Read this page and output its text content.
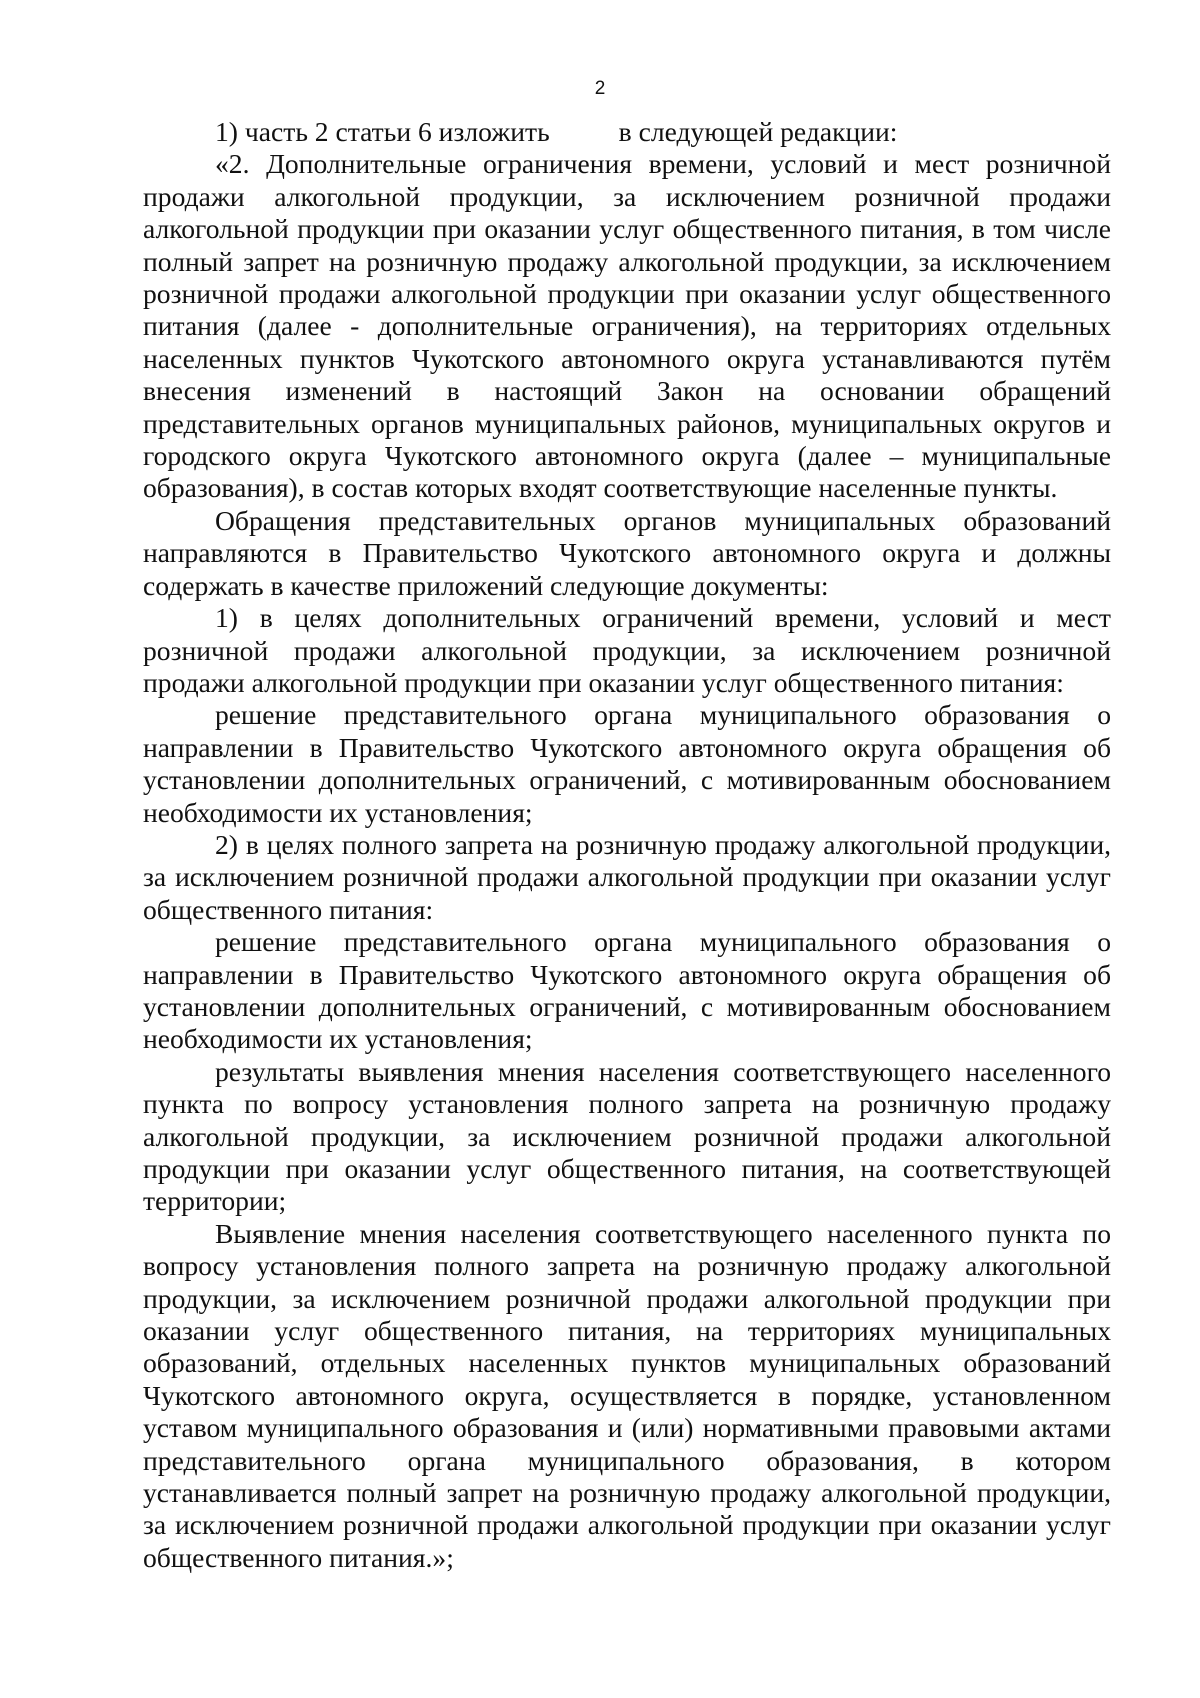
2
1) часть 2 статьи 6 изложить          в следующей редакции:
«2. Дополнительные ограничения времени, условий и мест розничной
продажи алкогольной продукции, за исключением розничной продажи
алкогольной продукции при оказании услуг общественного питания, в том числе
полный запрет на розничную продажу алкогольной продукции, за исключением
розничной продажи алкогольной продукции при оказании услуг общественного
питания (далее - дополнительные ограничения), на территориях отдельных
населенных пунктов Чукотского автономного округа устанавливаются путём
внесения изменений в настоящий Закон на основании обращений
представительных органов муниципальных районов, муниципальных округов и
городского округа Чукотского автономного округа (далее – муниципальные
образования), в состав которых входят соответствующие населенные пункты.
Обращения представительных органов муниципальных образований
направляются в Правительство Чукотского автономного округа и должны
содержать в качестве приложений следующие документы:
1) в целях дополнительных ограничений времени, условий и мест
розничной продажи алкогольной продукции, за исключением розничной
продажи алкогольной продукции при оказании услуг общественного питания:
решение представительного органа муниципального образования о
направлении в Правительство Чукотского автономного округа обращения об
установлении дополнительных ограничений, с мотивированным обоснованием
необходимости их установления;
2) в целях полного запрета на розничную продажу алкогольной продукции,
за исключением розничной продажи алкогольной продукции при оказании услуг
общественного питания:
решение представительного органа муниципального образования о
направлении в Правительство Чукотского автономного округа обращения об
установлении дополнительных ограничений, с мотивированным обоснованием
необходимости их установления;
результаты выявления мнения населения соответствующего населенного
пункта по вопросу установления полного запрета на розничную продажу
алкогольной продукции, за исключением розничной продажи алкогольной
продукции при оказании услуг общественного питания, на соответствующей
территории;
Выявление мнения населения соответствующего населенного пункта по
вопросу установления полного запрета на розничную продажу алкогольной
продукции, за исключением розничной продажи алкогольной продукции при
оказании услуг общественного питания, на территориях муниципальных
образований, отдельных населенных пунктов муниципальных образований
Чукотского автономного округа, осуществляется в порядке, установленном
уставом муниципального образования и (или) нормативными правовыми актами
представительного органа муниципального образования, в котором
устанавливается полный запрет на розничную продажу алкогольной продукции,
за исключением розничной продажи алкогольной продукции при оказании услуг
общественного питания.»;
